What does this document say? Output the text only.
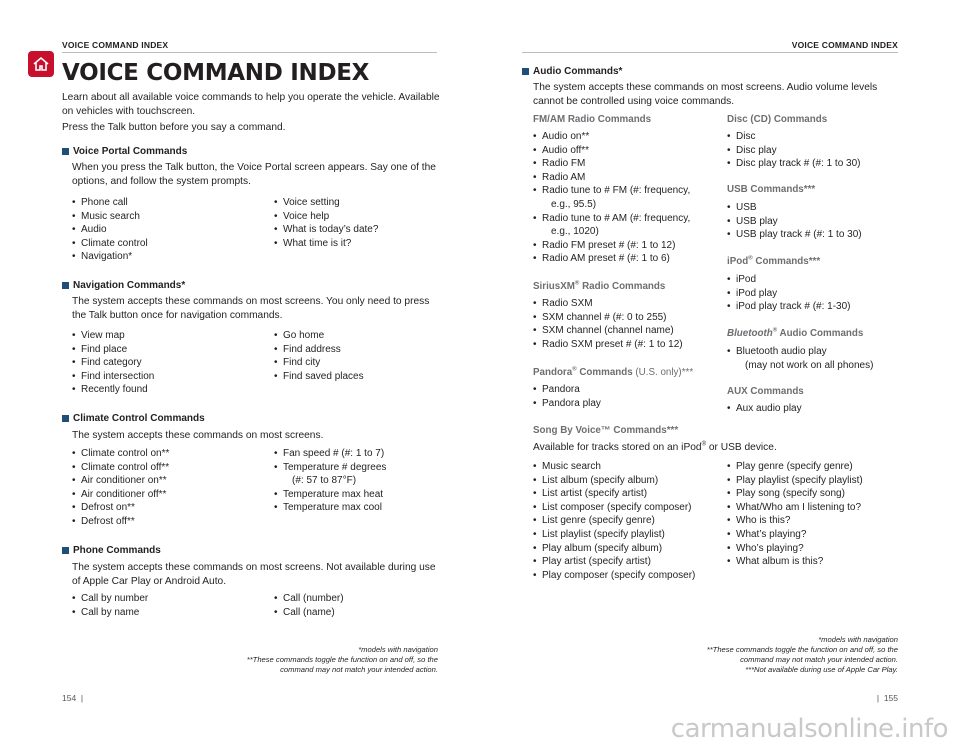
VOICE COMMAND INDEX	VOICE COMMAND INDEX
VOICE COMMAND INDEX
Learn about all available voice commands to help you operate the vehicle. Available on vehicles with touchscreen.
Press the Talk button before you say a command.
Voice Portal Commands
When you press the Talk button, the Voice Portal screen appears. Say one of the options, and follow the system prompts.
• Phone call
• Music search
• Audio
• Climate control
• Navigation*
• Voice setting
• Voice help
• What is today’s date?
• What time is it?
Navigation Commands*
The system accepts these commands on most screens. You only need to press the Talk button once for navigation commands.
• View map
• Find place
• Find category
• Find intersection
• Recently found
• Go home
• Find address
• Find city
• Find saved places
Climate Control Commands
The system accepts these commands on most screens.
• Climate control on**
• Climate control off**
• Air conditioner on**
• Air conditioner off**
• Defrost on**
• Defrost off**
• Fan speed # (#: 1 to 7)
• Temperature # degrees
(#: 57 to 87°F)
• Temperature max heat
• Temperature max cool
Phone Commands
The system accepts these commands on most screens. Not available during use of Apple Car Play or Android Auto.
• Call by number
• Call by name
• Call (number)
• Call (name)
*models with navigation
**These commands toggle the function on and off, so the
command may not match your intended action.
154  |
Audio Commands*
The system accepts these commands on most screens. Audio volume levels cannot be controlled using voice commands.
FM/AM Radio Commands
• Audio on**
• Audio off**
• Radio FM
• Radio AM
• Radio tune to # FM (#: frequency,
e.g., 95.5)
• Radio tune to # AM (#: frequency,
e.g., 1020)
• Radio FM preset # (#: 1 to 12)
• Radio AM preset # (#: 1 to 6)
SiriusXM® Radio Commands
• Radio SXM
• SXM channel # (#: 0 to 255)
• SXM channel (channel name)
• Radio SXM preset # (#: 1 to 12)
Pandora® Commands (U.S. only)***
• Pandora
• Pandora play
Disc (CD) Commands
• Disc
• Disc play
• Disc play track # (#: 1 to 30)
USB Commands***
• USB
• USB play
• USB play track # (#: 1 to 30)
iPod® Commands***
• iPod
• iPod play
• iPod play track # (#: 1-30)
Bluetooth® Audio Commands
• Bluetooth audio play
(may not work on all phones)
AUX Commands
• Aux audio play
Song By Voice™ Commands***
Available for tracks stored on an iPod® or USB device.
• Music search
• List album (specify album)
• List artist (specify artist)
• List composer (specify composer)
• List genre (specify genre)
• List playlist (specify playlist)
• Play album (specify album)
• Play artist (specify artist)
• Play composer (specify composer)
• Play genre (specify genre)
• Play playlist (specify playlist)
• Play song (specify song)
• What/Who am I listening to?
• Who is this?
• What’s playing?
• Who’s playing?
• What album is this?
*models with navigation
**These commands toggle the function on and off, so the
command may not match your intended action.
***Not available during use of Apple Car Play.
|  155
carmanualsonline.info
